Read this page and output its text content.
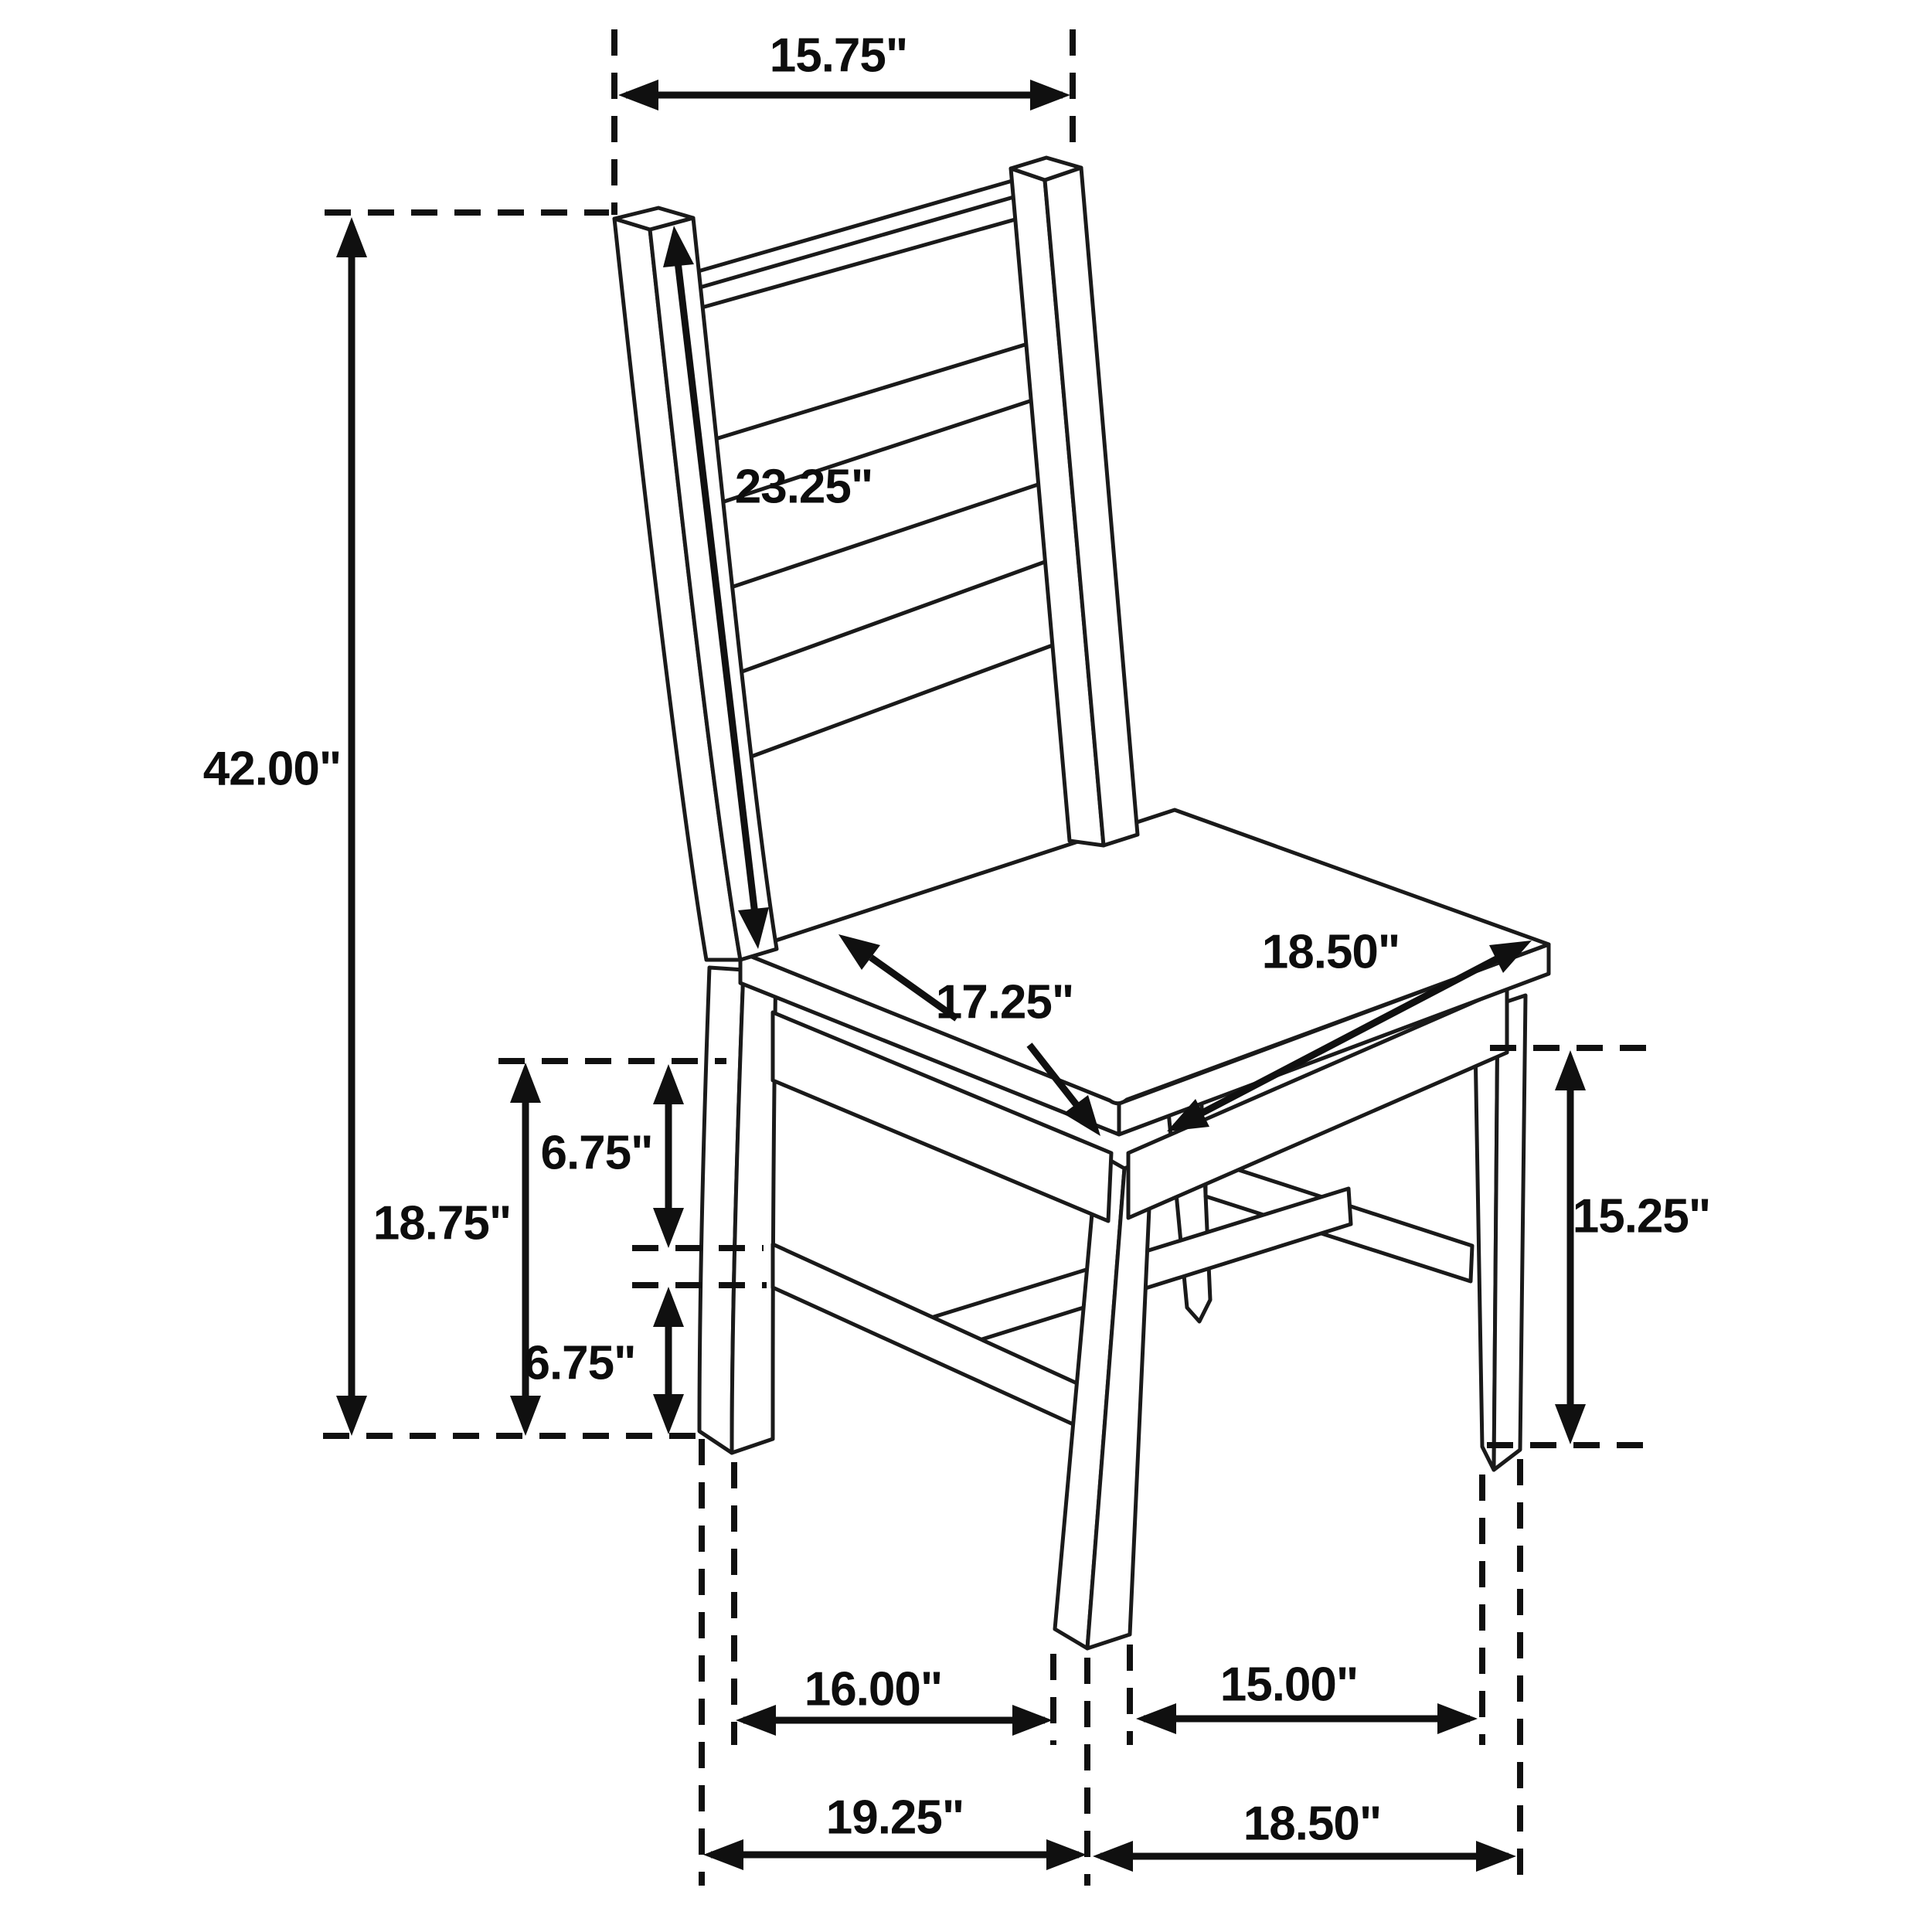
15.75"
42.00"
23.25"
17.25"
18.50"
18.75"
6.75"
6.75"
15.25"
16.00"	15.00"
19.25"	18.50"
